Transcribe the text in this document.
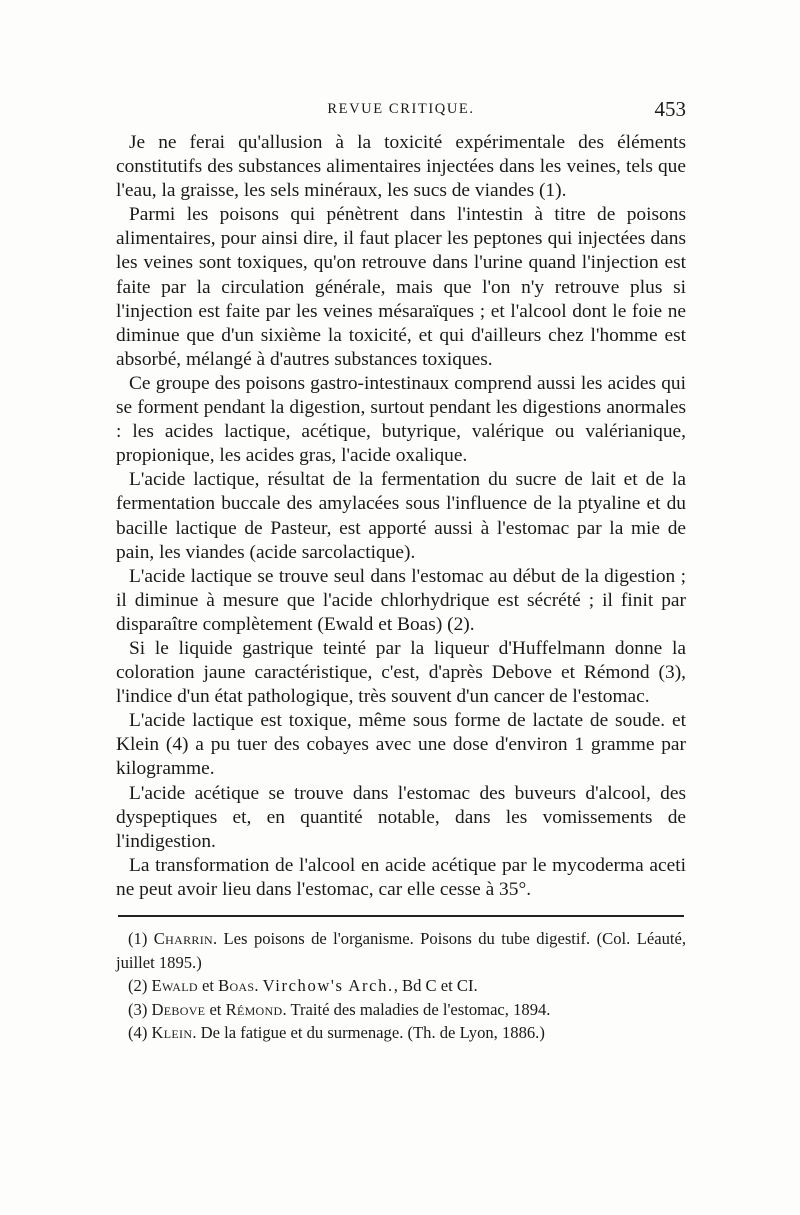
REVUE CRITIQUE.	453

Je ne ferai qu'allusion à la toxicité expérimentale des éléments constitutifs des substances alimentaires injectées dans les veines, tels que l'eau, la graisse, les sels minéraux, les sucs de viandes (1).

Parmi les poisons qui pénètrent dans l'intestin à titre de poisons alimentaires, pour ainsi dire, il faut placer les peptones qui injectées dans les veines sont toxiques, qu'on retrouve dans l'urine quand l'injection est faite par la circulation générale, mais que l'on n'y retrouve plus si l'injection est faite par les veines mésaraïques ; et l'alcool dont le foie ne diminue que d'un sixième la toxicité, et qui d'ailleurs chez l'homme est absorbé, mélangé à d'autres substances toxiques.

Ce groupe des poisons gastro-intestinaux comprend aussi les acides qui se forment pendant la digestion, surtout pendant les digestions anormales : les acides lactique, acétique, butyrique, valérique ou valérianique, propionique, les acides gras, l'acide oxalique.

L'acide lactique, résultat de la fermentation du sucre de lait et de la fermentation buccale des amylacées sous l'influence de la ptyaline et du bacille lactique de Pasteur, est apporté aussi à l'estomac par la mie de pain, les viandes (acide sarcolactique).

L'acide lactique se trouve seul dans l'estomac au début de la digestion ; il diminue à mesure que l'acide chlorhydrique est sécrété ; il finit par disparaître complètement (Ewald et Boas) (2).

Si le liquide gastrique teinté par la liqueur d'Huffelmann donne la coloration jaune caractéristique, c'est, d'après Debove et Rémond (3), l'indice d'un état pathologique, très souvent d'un cancer de l'estomac.

L'acide lactique est toxique, même sous forme de lactate de soude. et Klein (4) a pu tuer des cobayes avec une dose d'environ 1 gramme par kilogramme.

L'acide acétique se trouve dans l'estomac des buveurs d'alcool, des dyspeptiques et, en quantité notable, dans les vomissements de l'indigestion.

La transformation de l'alcool en acide acétique par le mycoderma aceti ne peut avoir lieu dans l'estomac, car elle cesse à 35°.

(1) Charrin. Les poisons de l'organisme. Poisons du tube digestif. (Col. Léauté, juillet 1895.)

(2) Ewald et Boas. Virchow's Arch., Bd C et CI.

(3) Debove et Rémond. Traité des maladies de l'estomac, 1894.

(4) Klein. De la fatigue et du surmenage. (Th. de Lyon, 1886.)
